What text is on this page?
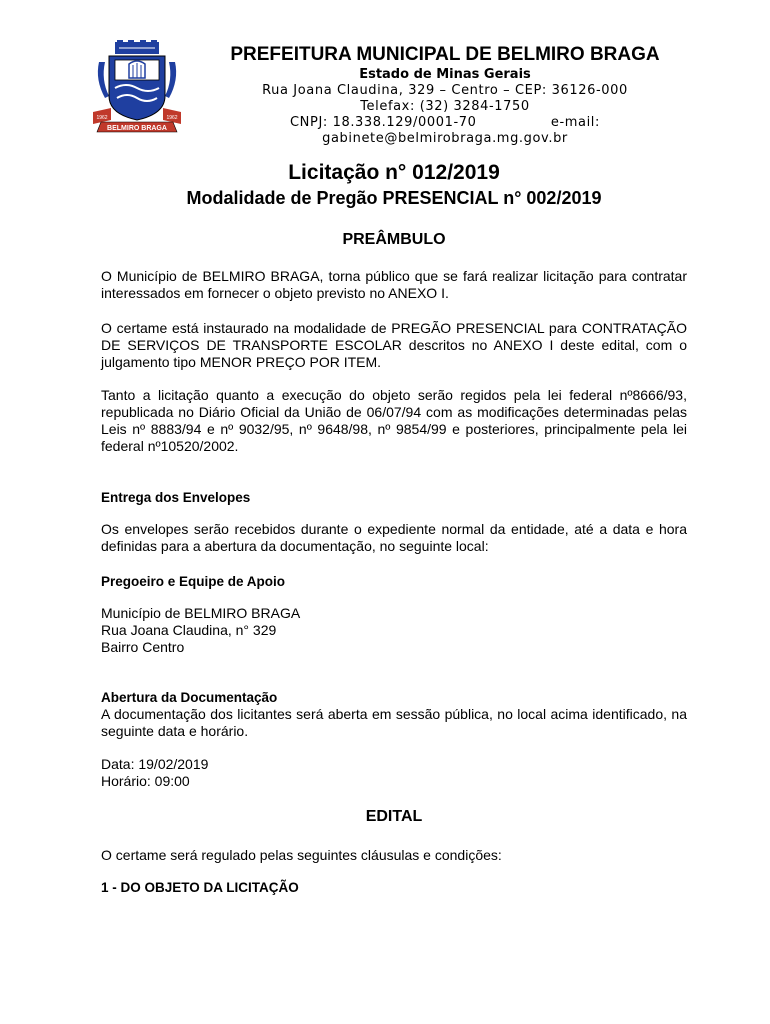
BELMIRO BRAGA
1962	1962
PREFEITURA MUNICIPAL DE BELMIRO BRAGA
Estado de Minas Gerais
Rua Joana Claudina, 329 – Centro – CEP: 36126-000
Telefax: (32) 3284-1750
CNPJ: 18.338.129/0001-70	e-mail:
gabinete@belmirobraga.mg.gov.br
Licitação n° 012/2019
Modalidade de Pregão PRESENCIAL n° 002/2019
PREÂMBULO
O Município de BELMIRO BRAGA, torna público que se fará realizar licitação para contratar interessados em fornecer o objeto previsto no ANEXO I.
O certame está instaurado na modalidade de PREGÃO PRESENCIAL para CONTRATAÇÃO DE SERVIÇOS DE TRANSPORTE ESCOLAR descritos no ANEXO I deste edital, com o julgamento tipo MENOR PREÇO POR ITEM.
Tanto a licitação quanto a execução do objeto serão regidos pela lei federal nº8666/93, republicada no Diário Oficial da União de 06/07/94 com as modificações determinadas pelas Leis nº 8883/94 e nº 9032/95, nº 9648/98, nº 9854/99 e posteriores, principalmente pela lei federal nº10520/2002.
Entrega dos Envelopes
Os envelopes serão recebidos durante o expediente normal da entidade, até a data e hora definidas para a abertura da documentação, no seguinte local:
Pregoeiro e Equipe de Apoio
Município de BELMIRO BRAGA
Rua Joana Claudina, n° 329
Bairro Centro
Abertura da Documentação
A documentação dos licitantes será aberta em sessão pública, no local acima identificado, na seguinte data e horário.
Data: 19/02/2019
Horário: 09:00
EDITAL
O certame será regulado pelas seguintes cláusulas e condições:
1 - DO OBJETO DA LICITAÇÃO
